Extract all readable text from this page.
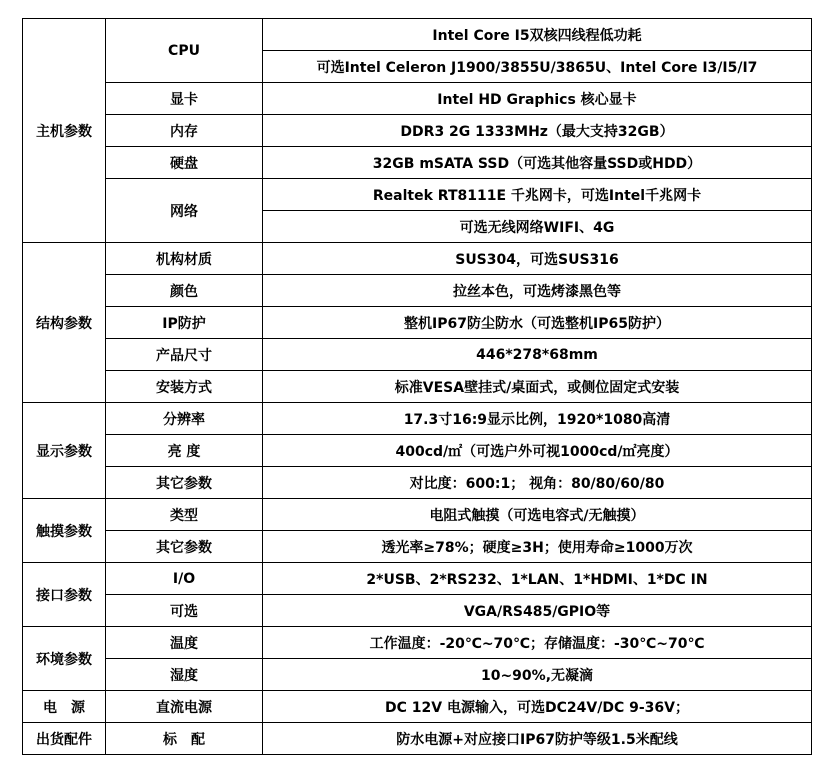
主机参数	CPU	Intel Core I5双核四线程低功耗
		可选Intel Celeron J1900/3855U/3865U、Intel Core I3/I5/I7
	显卡	Intel HD Graphics 核心显卡
	内存	DDR3 2G 1333MHz（最大支持32GB）
	硬盘	32GB mSATA SSD（可选其他容量SSD或HDD）
	网络	Realtek RT8111E 千兆网卡，可选Intel千兆网卡
		可选无线网络WIFI、4G
结构参数	机构材质	SUS304，可选SUS316
	颜色	拉丝本色，可选烤漆黑色等
	IP防护	整机IP67防尘防水（可选整机IP65防护）
	产品尺寸	446*278*68mm
	安装方式	标准VESA壁挂式/桌面式，或侧位固定式安装
显示参数	分辨率	17.3寸16:9显示比例，1920*1080高清
	亮 度	400cd/㎡（可选户外可视1000cd/㎡亮度）
	其它参数	对比度：600:1； 视角：80/80/60/80
触摸参数	类型	电阻式触摸（可选电容式/无触摸）
	其它参数	透光率≥78%；硬度≥3H；使用寿命≥1000万次
接口参数	I/O	2*USB、2*RS232、1*LAN、1*HDMI、1*DC IN
	可选	VGA/RS485/GPIO等
环境参数	温度	工作温度：-20℃~70℃；存储温度：-30℃~70℃
	湿度	10~90%,无凝滴
电　源	直流电源	DC 12V 电源输入，可选DC24V/DC 9-36V；
出货配件	标　配	防水电源+对应接口IP67防护等级1.5米配线
